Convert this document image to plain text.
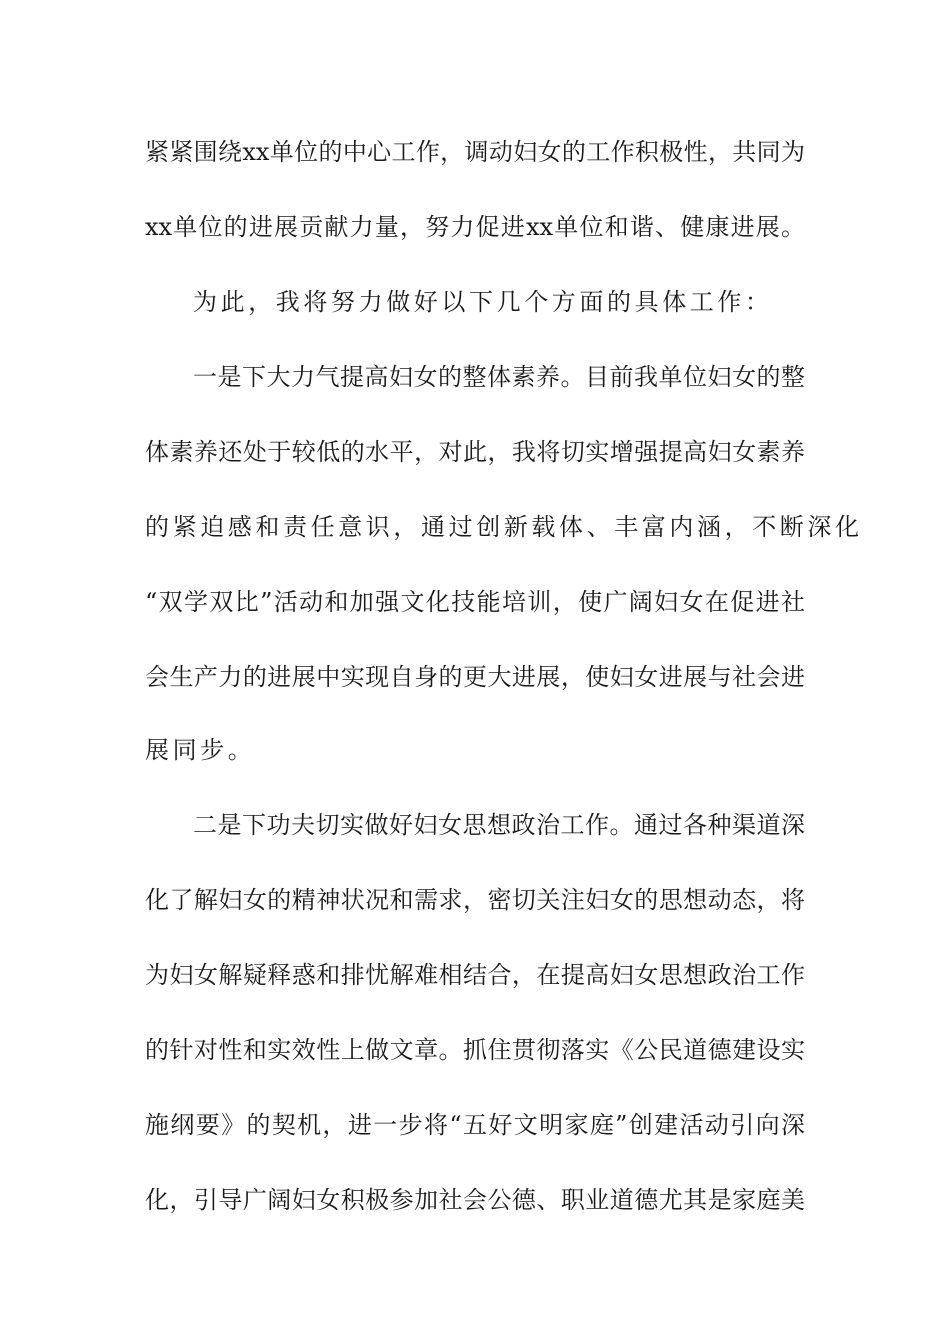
紧紧围绕xx单位的中心工作，调动妇女的工作积极性，共同为
xx单位的进展贡献力量，努力促进xx单位和谐、健康进展。
为此，我将努力做好以下几个方面的具体工作：
一是下大力气提高妇女的整体素养。目前我单位妇女的整
体素养还处于较低的水平，对此，我将切实增强提高妇女素养
的紧迫感和责任意识，通过创新载体、丰富内涵，不断深化
“双学双比”活动和加强文化技能培训，使广阔妇女在促进社
会生产力的进展中实现自身的更大进展，使妇女进展与社会进
展同步。
二是下功夫切实做好妇女思想政治工作。通过各种渠道深
化了解妇女的精神状况和需求，密切关注妇女的思想动态，将
为妇女解疑释惑和排忧解难相结合，在提高妇女思想政治工作
的针对性和实效性上做文章。抓住贯彻落实《公民道德建设实
施纲要》的契机，进一步将“五好文明家庭”创建活动引向深
化，引导广阔妇女积极参加社会公德、职业道德尤其是家庭美
